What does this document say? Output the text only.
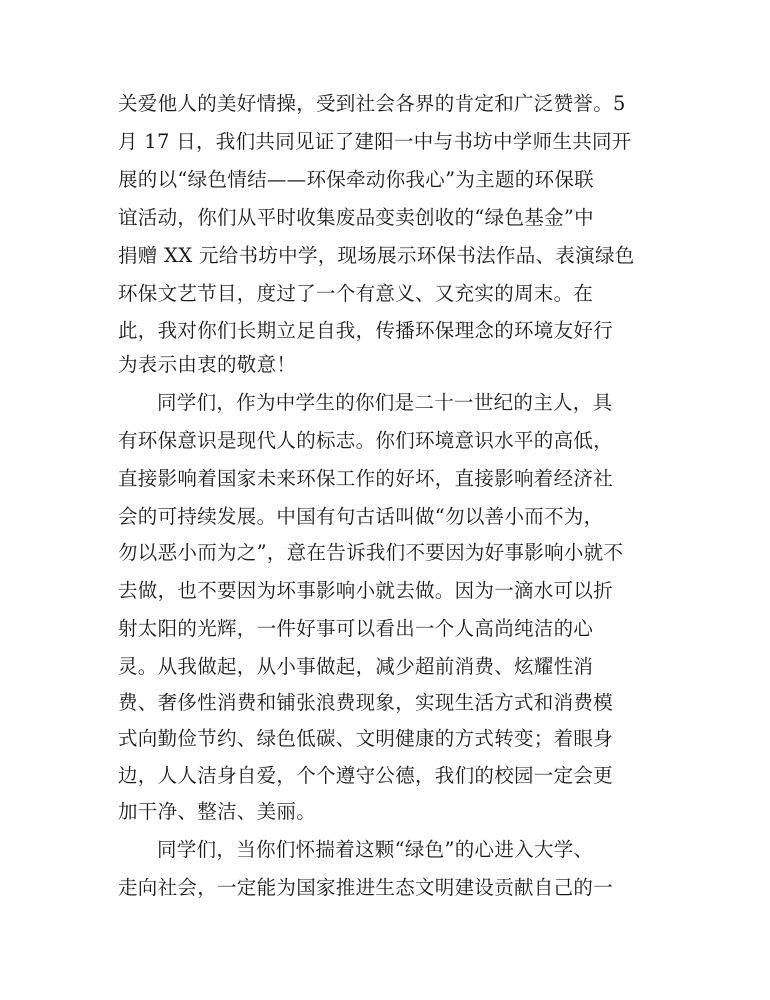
关爱他人的美好情操，受到社会各界的肯定和广泛赞誉。5

月 17 日，我们共同见证了建阳一中与书坊中学师生共同开

展的以“绿色情结——环保牵动你我心”为主题的环保联

谊活动，你们从平时收集废品变卖创收的“绿色基金”中

捐赠 XX 元给书坊中学，现场展示环保书法作品、表演绿色

环保文艺节目，度过了一个有意义、又充实的周末。在

此，我对你们长期立足自我，传播环保理念的环境友好行

为表示由衷的敬意！

同学们，作为中学生的你们是二十一世纪的主人，具

有环保意识是现代人的标志。你们环境意识水平的高低，

直接影响着国家未来环保工作的好坏，直接影响着经济社

会的可持续发展。中国有句古话叫做“勿以善小而不为，

勿以恶小而为之”，意在告诉我们不要因为好事影响小就不

去做，也不要因为坏事影响小就去做。因为一滴水可以折

射太阳的光辉，一件好事可以看出一个人高尚纯洁的心

灵。从我做起，从小事做起，减少超前消费、炫耀性消

费、奢侈性消费和铺张浪费现象，实现生活方式和消费模

式向勤俭节约、绿色低碳、文明健康的方式转变；着眼身

边，人人洁身自爱，个个遵守公德，我们的校园一定会更

加干净、整洁、美丽。

同学们，当你们怀揣着这颗“绿色”的心进入大学、

走向社会，一定能为国家推进生态文明建设贡献自己的一
